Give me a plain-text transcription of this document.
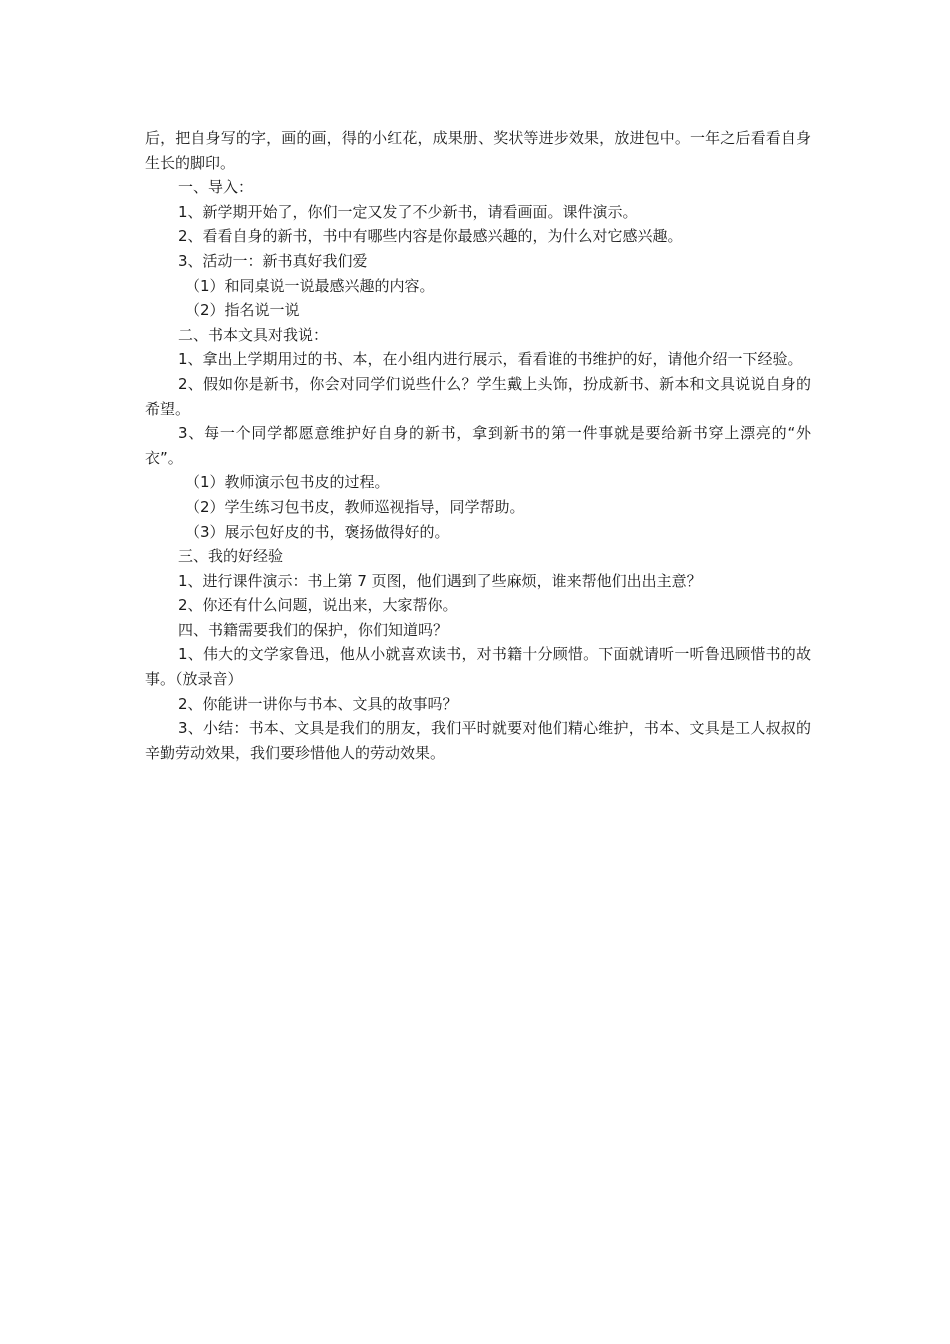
后，把自身写的字，画的画，得的小红花，成果册、奖状等进步效果，放进包中。一年之后看看自身生长的脚印。

一、导入：

1、新学期开始了，你们一定又发了不少新书，请看画面。课件演示。

2、看看自身的新书，书中有哪些内容是你最感兴趣的，为什么对它感兴趣。

3、活动一：新书真好我们爱

（1）和同桌说一说最感兴趣的内容。

（2）指名说一说

二、书本文具对我说：

1、拿出上学期用过的书、本，在小组内进行展示，看看谁的书维护的好，请他介绍一下经验。

2、假如你是新书，你会对同学们说些什么？学生戴上头饰，扮成新书、新本和文具说说自身的希望。

3、每一个同学都愿意维护好自身的新书，拿到新书的第一件事就是要给新书穿上漂亮的“外衣”。

（1）教师演示包书皮的过程。

（2）学生练习包书皮，教师巡视指导，同学帮助。

（3）展示包好皮的书，褒扬做得好的。

三、我的好经验

1、进行课件演示：书上第 7 页图，他们遇到了些麻烦，谁来帮他们出出主意？

2、你还有什么问题，说出来，大家帮你。

四、书籍需要我们的保护，你们知道吗？

1、伟大的文学家鲁迅，他从小就喜欢读书，对书籍十分顾惜。下面就请听一听鲁迅顾惜书的故事。（放录音）

2、你能讲一讲你与书本、文具的故事吗？

3、小结：书本、文具是我们的朋友，我们平时就要对他们精心维护，书本、文具是工人叔叔的辛勤劳动效果，我们要珍惜他人的劳动效果。
